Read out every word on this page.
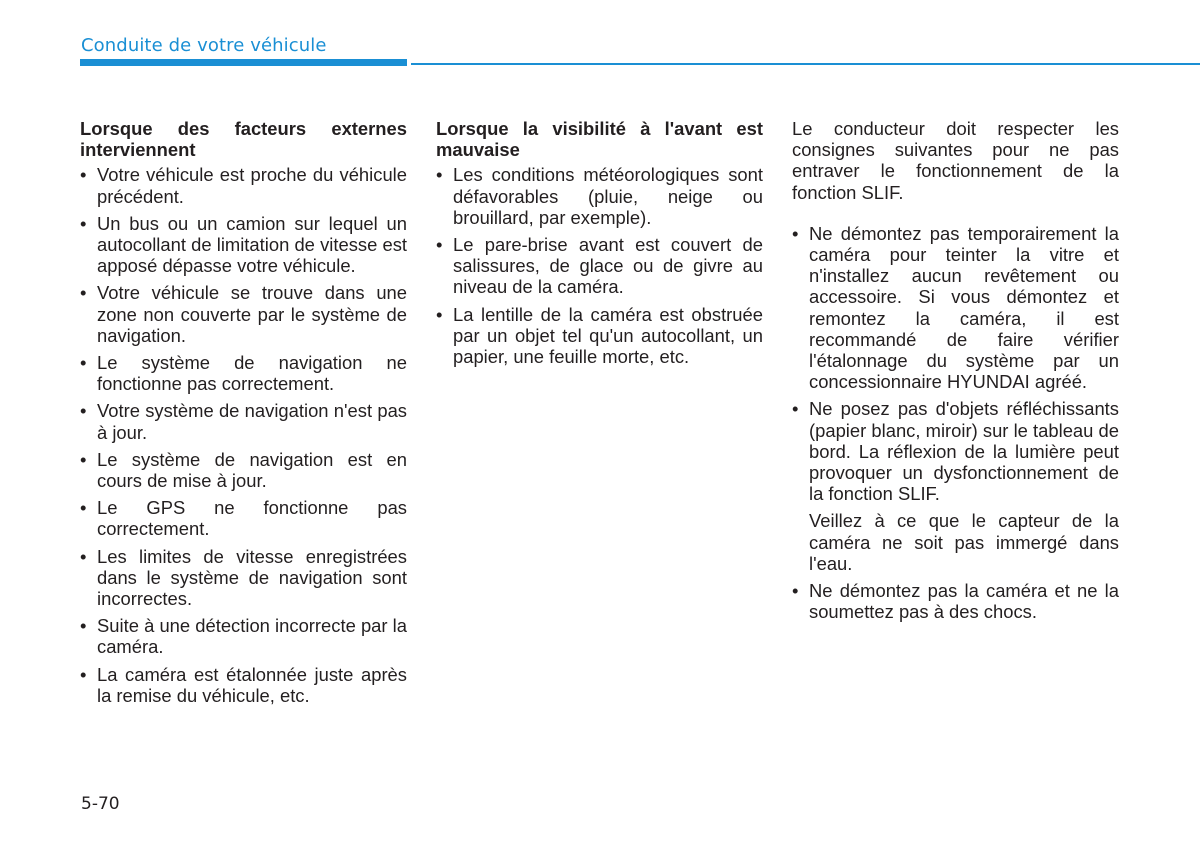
Conduite de votre véhicule

Lorsque des facteurs externes interviennent

• Votre véhicule est proche du véhicule précédent.
• Un bus ou un camion sur lequel un autocollant de limitation de vitesse est apposé dépasse votre véhicule.
• Votre véhicule se trouve dans une zone non couverte par le système de navigation.
• Le système de navigation ne fonctionne pas correctement.
• Votre système de navigation n'est pas à jour.
• Le système de navigation est en cours de mise à jour.
• Le GPS ne fonctionne pas correctement.
• Les limites de vitesse enregistrées dans le système de navigation sont incorrectes.
• Suite à une détection incorrecte par la caméra.
• La caméra est étalonnée juste après la remise du véhicule, etc.

Lorsque la visibilité à l'avant est mauvaise

• Les conditions météorologiques sont défavorables (pluie, neige ou brouillard, par exemple).
• Le pare-brise avant est couvert de salissures, de glace ou de givre au niveau de la caméra.
• La lentille de la caméra est obstruée par un objet tel qu'un autocollant, un papier, une feuille morte, etc.

Le conducteur doit respecter les consignes suivantes pour ne pas entraver le fonctionnement de la fonction SLIF.

• Ne démontez pas temporairement la caméra pour teinter la vitre et n'installez aucun revêtement ou accessoire. Si vous démontez et remontez la caméra, il est recommandé de faire vérifier l'étalonnage du système par un concessionnaire HYUNDAI agréé.
• Ne posez pas d'objets réfléchissants (papier blanc, miroir) sur le tableau de bord. La réflexion de la lumière peut provoquer un dysfonctionnement de la fonction SLIF.

Veillez à ce que le capteur de la caméra ne soit pas immergé dans l'eau.

• Ne démontez pas la caméra et ne la soumettez pas à des chocs.
5-70
